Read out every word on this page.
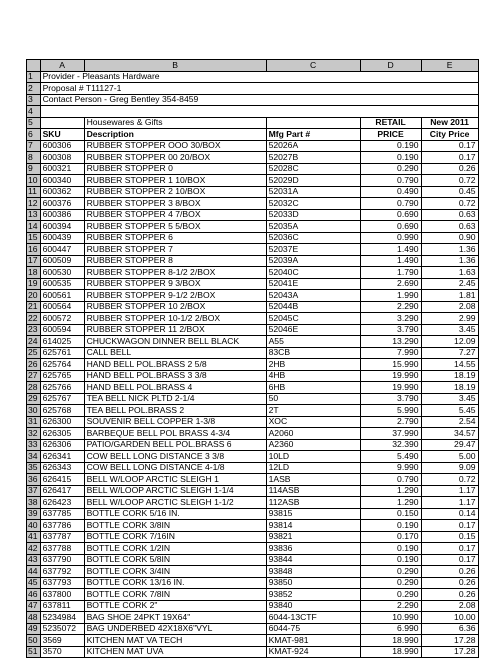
	A	B	C	D	E
1	Provider - Pleasants Hardware				
2	Proposal # T11127-1				
3	Contact Person - Greg Bentley 354-8459				
4					
5		Housewares & Gifts		RETAIL	New 2011
6	SKU	Description	Mfg Part #	PRICE	City Price
7	600306	RUBBER STOPPER OOO 30/BOX	52026A	0.190	0.17
8	600308	RUBBER STOPPER 00 20/BOX	52027B	0.190	0.17
9	600321	RUBBER STOPPER 0	52028C	0.290	0.26
10	600340	RUBBER STOPPER 1 10/BOX	52029D	0.790	0.72
11	600362	RUBBER STOPPER 2 10/BOX	52031A	0.490	0.45
12	600376	RUBBER STOPPER 3 8/BOX	52032C	0.790	0.72
13	600386	RUBBER STOPPER 4 7/BOX	52033D	0.690	0.63
14	600394	RUBBER STOPPER 5 5/BOX	52035A	0.690	0.63
15	600439	RUBBER STOPPER 6	52036C	0.990	0.90
16	600447	RUBBER STOPPER 7	52037E	1.490	1.36
17	600509	RUBBER STOPPER 8	52039A	1.490	1.36
18	600530	RUBBER STOPPER 8-1/2 2/BOX	52040C	1.790	1.63
19	600535	RUBBER STOPPER 9 3/BOX	52041E	2.690	2.45
20	600561	RUBBER STOPPER 9-1/2 2/BOX	52043A	1.990	1.81
21	600564	RUBBER STOPPER 10 2/BOX	52044B	2.290	2.08
22	600572	RUBBER STOPPER 10-1/2 2/BOX	52045C	3.290	2.99
23	600594	RUBBER STOPPER 11 2/BOX	52046E	3.790	3.45
24	614025	CHUCKWAGON DINNER BELL BLACK	A55	13.290	12.09
25	625761	CALL BELL	83CB	7.990	7.27
26	625764	HAND BELL POL.BRASS 2 5/8	2HB	15.990	14.55
27	625765	HAND BELL POL.BRASS 3 3/8	4HB	19.990	18.19
28	625766	HAND BELL POL.BRASS 4	6HB	19.990	18.19
29	625767	TEA BELL NICK PLTD 2-1/4	50	3.790	3.45
30	625768	TEA BELL POL.BRASS 2	2T	5.990	5.45
31	626300	SOUVENIR BELL COPPER 1-3/8	XOC	2.790	2.54
32	626305	BARBEQUE BELL POL BRASS 4-3/4	A2060	37.990	34.57
33	626306	PATIO/GARDEN BELL POL.BRASS 6	A2360	32.390	29.47
34	626341	COW BELL LONG DISTANCE 3 3/8	10LD	5.490	5.00
35	626343	COW BELL LONG DISTANCE 4-1/8	12LD	9.990	9.09
36	626415	BELL W/LOOP ARCTIC SLEIGH 1	1ASB	0.790	0.72
37	626417	BELL W/LOOP ARCTIC SLEIGH 1-1/4	114ASB	1.290	1.17
38	626423	BELL W/LOOP ARCTIC SLEIGH 1-1/2	112ASB	1.290	1.17
39	637785	BOTTLE CORK 5/16 IN.	93815	0.150	0.14
40	637786	BOTTLE CORK 3/8IN	93814	0.190	0.17
41	637787	BOTTLE CORK 7/16IN	93821	0.170	0.15
42	637788	BOTTLE CORK 1/2IN	93836	0.190	0.17
43	637790	BOTTLE CORK 5/8IN	93844	0.190	0.17
44	637792	BOTTLE CORK 3/4IN	93848	0.290	0.26
45	637793	BOTTLE CORK 13/16 IN.	93850	0.290	0.26
46	637800	BOTTLE CORK 7/8IN	93852	0.290	0.26
47	637811	BOTTLE CORK 2"	93840	2.290	2.08
48	5234984	BAG SHOE 24PKT 19X64"	6044-13CTF	10.990	10.00
49	5235072	BAG UNDERBED 42X18X6"VYL	6044-75	6.990	6.36
50	3569	KITCHEN MAT VA TECH	KMAT-981	18.990	17.28
51	3570	KITCHEN MAT UVA	KMAT-924	18.990	17.28
